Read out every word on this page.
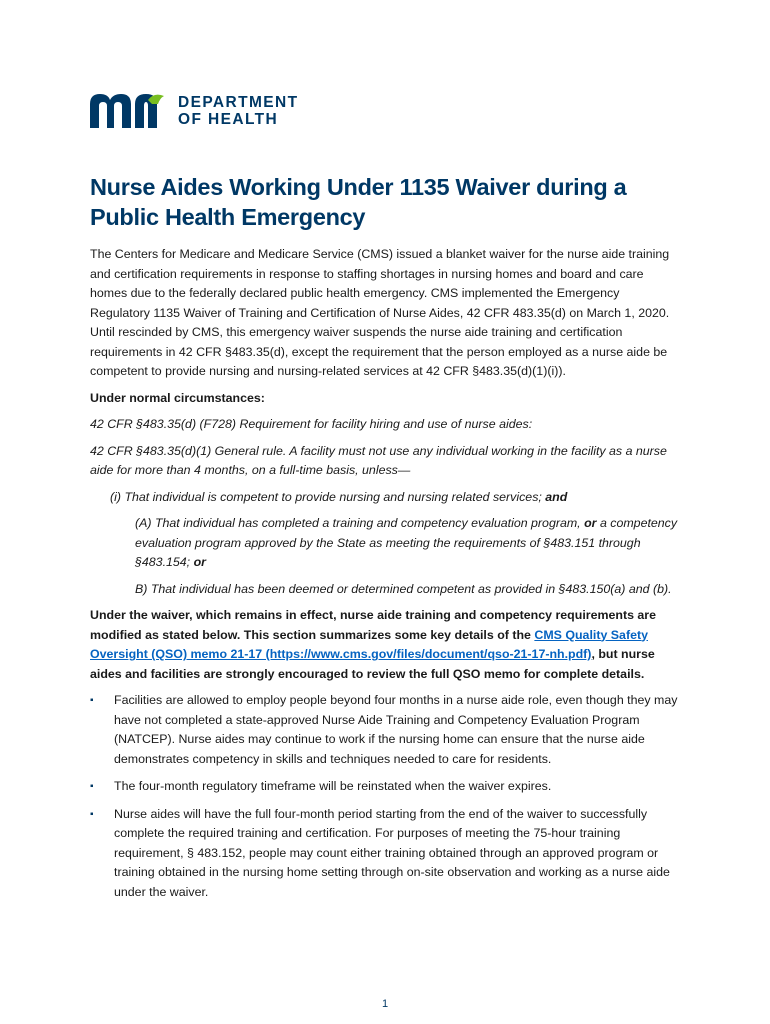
DEPARTMENT
OF HEALTH
Nurse Aides Working Under 1135 Waiver during a Public Health Emergency

The Centers for Medicare and Medicare Service (CMS) issued a blanket waiver for the nurse aide training and certification requirements in response to staffing shortages in nursing homes and board and care homes due to the federally declared public health emergency. CMS implemented the Emergency Regulatory 1135 Waiver of Training and Certification of Nurse Aides, 42 CFR 483.35(d) on March 1, 2020. Until rescinded by CMS, this emergency waiver suspends the nurse aide training and certification requirements in 42 CFR §483.35(d), except the requirement that the person employed as a nurse aide be competent to provide nursing and nursing-related services at 42 CFR §483.35(d)(1)(i)).

Under normal circumstances:

42 CFR §483.35(d) (F728) Requirement for facility hiring and use of nurse aides:

42 CFR §483.35(d)(1) General rule. A facility must not use any individual working in the facility as a nurse aide for more than 4 months, on a full-time basis, unless—

(i) That individual is competent to provide nursing and nursing related services; and

(A) That individual has completed a training and competency evaluation program, or a competency evaluation program approved by the State as meeting the requirements of §483.151 through §483.154; or

B) That individual has been deemed or determined competent as provided in §483.150(a) and (b).

Under the waiver, which remains in effect, nurse aide training and competency requirements are modified as stated below. This section summarizes some key details of the CMS Quality Safety Oversight (QSO) memo 21-17 (https://www.cms.gov/files/document/qso-21-17-nh.pdf), but nurse aides and facilities are strongly encouraged to review the full QSO memo for complete details.

▪ Facilities are allowed to employ people beyond four months in a nurse aide role, even though they may have not completed a state-approved Nurse Aide Training and Competency Evaluation Program (NATCEP). Nurse aides may continue to work if the nursing home can ensure that the nurse aide demonstrates competency in skills and techniques needed to care for residents.
▪ The four-month regulatory timeframe will be reinstated when the waiver expires.
▪ Nurse aides will have the full four-month period starting from the end of the waiver to successfully complete the required training and certification. For purposes of meeting the 75-hour training requirement, § 483.152, people may count either training obtained through an approved program or training obtained in the nursing home setting through on-site observation and working as a nurse aide under the waiver.
1
